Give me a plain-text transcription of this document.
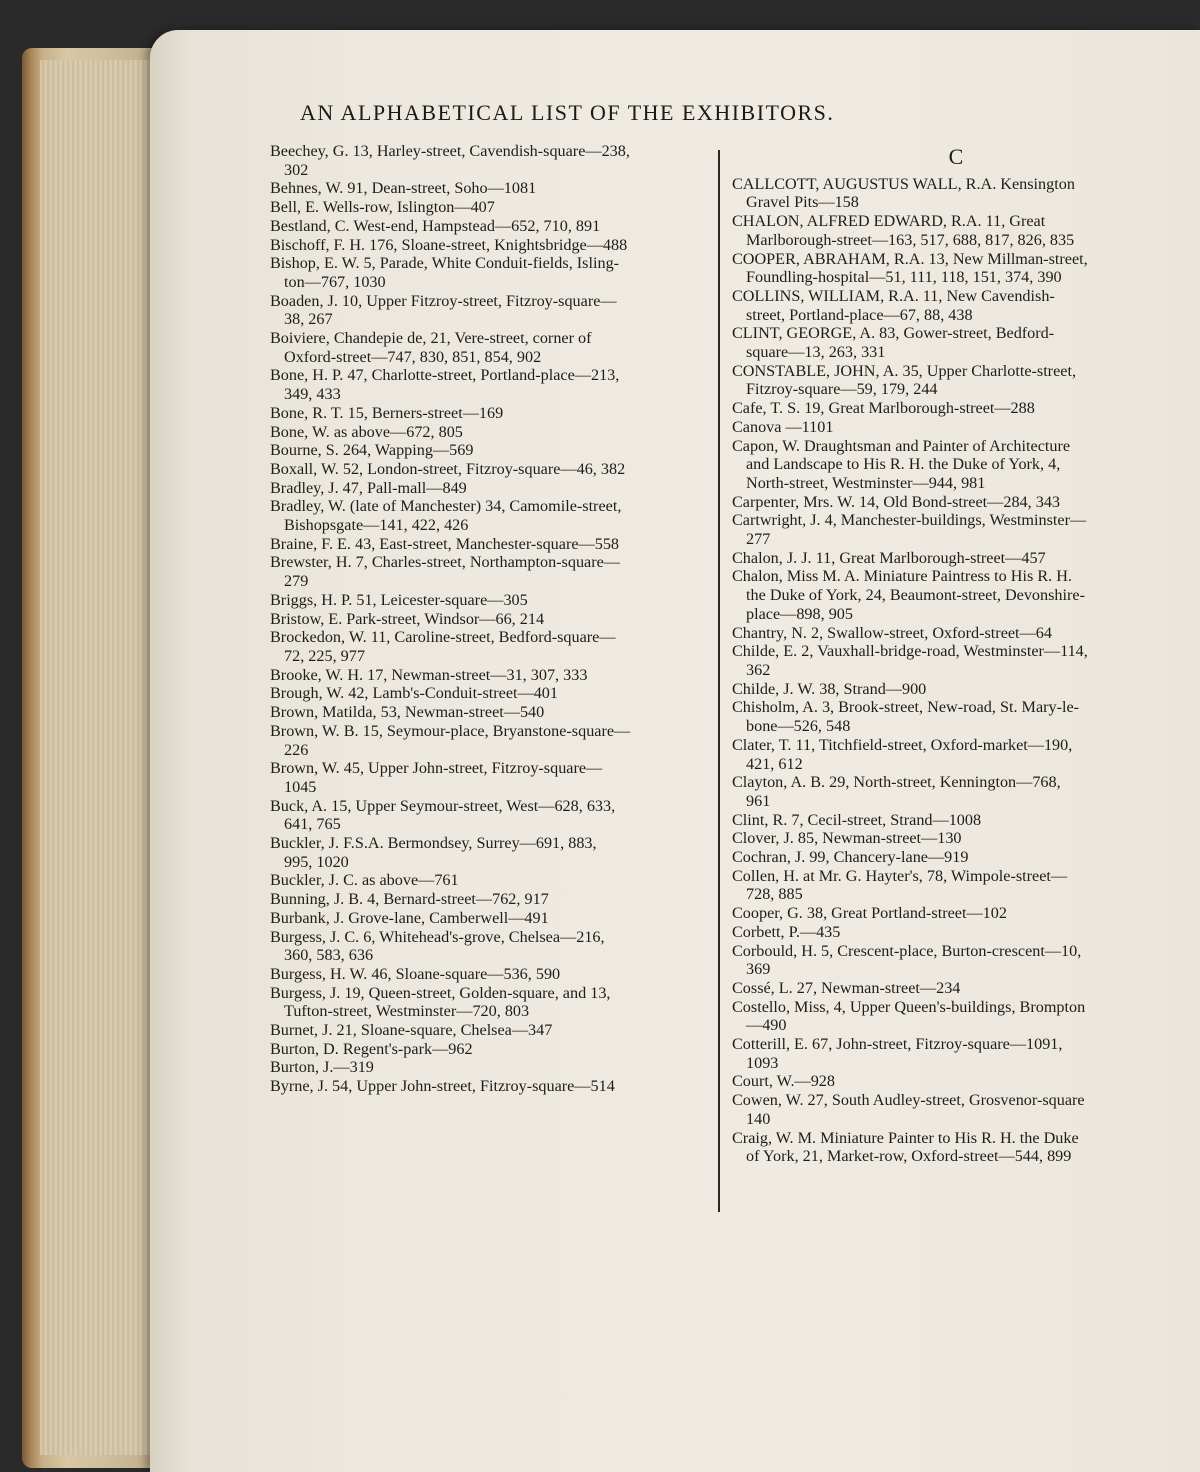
AN ALPHABETICAL LIST OF THE EXHIBITORS.
Beechey, G. 13, Harley-street, Cavendish-square—238,
302
Behnes, W. 91, Dean-street, Soho—1081
Bell, E. Wells-row, Islington—407
Bestland, C. West-end, Hampstead—652, 710, 891
Bischoff, F. H. 176, Sloane-street, Knightsbridge—488
Bishop, E. W. 5, Parade, White Conduit-fields, Isling-
ton—767, 1030
Boaden, J. 10, Upper Fitzroy-street, Fitzroy-square—
38, 267
Boiviere, Chandepie de, 21, Vere-street, corner of
Oxford-street—747, 830, 851, 854, 902
Bone, H. P. 47, Charlotte-street, Portland-place—213,
349, 433
Bone, R. T. 15, Berners-street—169
Bone, W. as above—672, 805
Bourne, S. 264, Wapping—569
Boxall, W. 52, London-street, Fitzroy-square—46, 382
Bradley, J. 47, Pall-mall—849
Bradley, W. (late of Manchester) 34, Camomile-street,
Bishopsgate—141, 422, 426
Braine, F. E. 43, East-street, Manchester-square—558
Brewster, H. 7, Charles-street, Northampton-square—
279
Briggs, H. P. 51, Leicester-square—305
Bristow, E. Park-street, Windsor—66, 214
Brockedon, W. 11, Caroline-street, Bedford-square—
72, 225, 977
Brooke, W. H. 17, Newman-street—31, 307, 333
Brough, W. 42, Lamb's-Conduit-street—401
Brown, Matilda, 53, Newman-street—540
Brown, W. B. 15, Seymour-place, Bryanstone-square—
226
Brown, W. 45, Upper John-street, Fitzroy-square—
1045
Buck, A. 15, Upper Seymour-street, West—628, 633,
641, 765
Buckler, J. F.S.A. Bermondsey, Surrey—691, 883,
995, 1020
Buckler, J. C. as above—761
Bunning, J. B. 4, Bernard-street—762, 917
Burbank, J. Grove-lane, Camberwell—491
Burgess, J. C. 6, Whitehead's-grove, Chelsea—216,
360, 583, 636
Burgess, H. W. 46, Sloane-square—536, 590
Burgess, J. 19, Queen-street, Golden-square, and 13,
Tufton-street, Westminster—720, 803
Burnet, J. 21, Sloane-square, Chelsea—347
Burton, D. Regent's-park—962
Burton, J.—319
Byrne, J. 54, Upper John-street, Fitzroy-square—514
C
CALLCOTT, AUGUSTUS WALL, R.A. Kensington
Gravel Pits—158
CHALON, ALFRED EDWARD, R.A. 11, Great
Marlborough-street—163, 517, 688, 817, 826, 835
COOPER, ABRAHAM, R.A. 13, New Millman-street,
Foundling-hospital—51, 111, 118, 151, 374, 390
COLLINS, WILLIAM, R.A. 11, New Cavendish-
street, Portland-place—67, 88, 438
CLINT, GEORGE, A. 83, Gower-street, Bedford-
square—13, 263, 331
CONSTABLE, JOHN, A. 35, Upper Charlotte-street,
Fitzroy-square—59, 179, 244
Cafe, T. S. 19, Great Marlborough-street—288
Canova —1101
Capon, W. Draughtsman and Painter of Architecture
and Landscape to His R. H. the Duke of York, 4,
North-street, Westminster—944, 981
Carpenter, Mrs. W. 14, Old Bond-street—284, 343
Cartwright, J. 4, Manchester-buildings, Westminster—
277
Chalon, J. J. 11, Great Marlborough-street—457
Chalon, Miss M. A. Miniature Paintress to His R. H.
the Duke of York, 24, Beaumont-street, Devonshire-
place—898, 905
Chantry, N. 2, Swallow-street, Oxford-street—64
Childe, E. 2, Vauxhall-bridge-road, Westminster—114,
362
Childe, J. W. 38, Strand—900
Chisholm, A. 3, Brook-street, New-road, St. Mary-le-
bone—526, 548
Clater, T. 11, Titchfield-street, Oxford-market—190,
421, 612
Clayton, A. B. 29, North-street, Kennington—768,
961
Clint, R. 7, Cecil-street, Strand—1008
Clover, J. 85, Newman-street—130
Cochran, J. 99, Chancery-lane—919
Collen, H. at Mr. G. Hayter's, 78, Wimpole-street—
728, 885
Cooper, G. 38, Great Portland-street—102
Corbett, P.—435
Corbould, H. 5, Crescent-place, Burton-crescent—10,
369
Cossé, L. 27, Newman-street—234
Costello, Miss, 4, Upper Queen's-buildings, Brompton
—490
Cotterill, E. 67, John-street, Fitzroy-square—1091,
1093
Court, W.—928
Cowen, W. 27, South Audley-street, Grosvenor-square
140
Craig, W. M. Miniature Painter to His R. H. the Duke
of York, 21, Market-row, Oxford-street—544, 899
